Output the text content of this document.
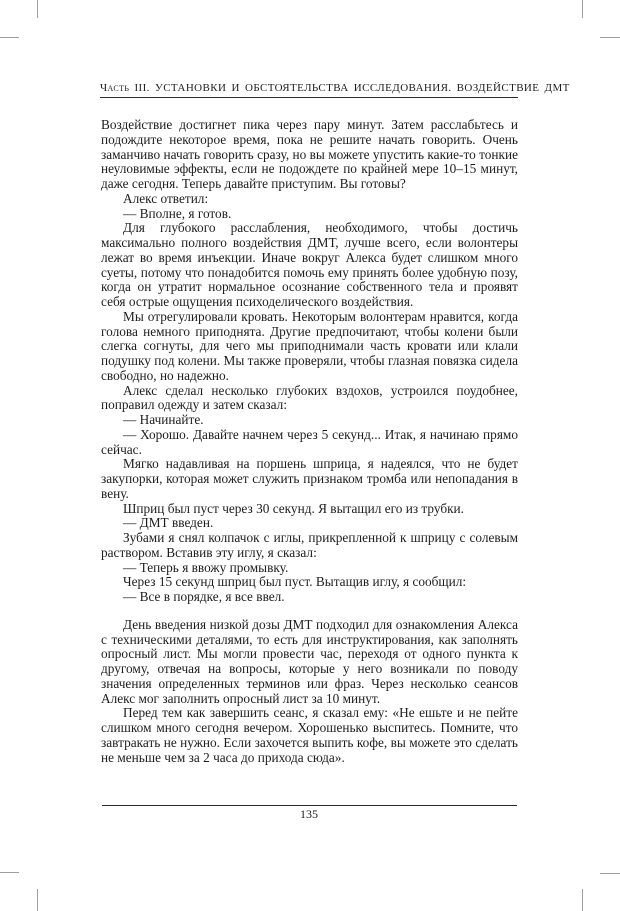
Часть III. УСТАНОВКИ И ОБСТОЯТЕЛЬСТВА ИССЛЕДОВАНИЯ. ВОЗДЕЙСТВИЕ ДМТ

Воздействие достигнет пика через пару минут. Затем расслабьтесь и подождите некоторое время, пока не решите начать говорить. Очень заманчиво начать говорить сразу, но вы можете упустить какие-то тонкие неуловимые эффекты, если не подождете по крайней мере 10–15 минут, даже сегодня. Теперь давайте приступим. Вы готовы?

Алекс ответил:

— Вполне, я готов.

Для глубокого расслабления, необходимого, чтобы достичь максимально полного воздействия ДМТ, лучше всего, если волонтеры лежат во время инъекции. Иначе вокруг Алекса будет слишком много суеты, потому что понадобится помочь ему принять более удобную позу, когда он утратит нормальное осознание собственного тела и проявят себя острые ощущения психоделического воздействия.

Мы отрегулировали кровать. Некоторым волонтерам нравится, когда голова немного приподнята. Другие предпочитают, чтобы колени были слегка согнуты, для чего мы приподнимали часть кровати или клали подушку под колени. Мы также проверяли, чтобы глазная повязка сидела свободно, но надежно.

Алекс сделал несколько глубоких вздохов, устроился поудобнее, поправил одежду и затем сказал:

— Начинайте.

— Хорошо. Давайте начнем через 5 секунд... Итак, я начинаю прямо сейчас.

Мягко надавливая на поршень шприца, я надеялся, что не будет закупорки, которая может служить признаком тромба или непопадания в вену.

Шприц был пуст через 30 секунд. Я вытащил его из трубки.

— ДМТ введен.

Зубами я снял колпачок с иглы, прикрепленной к шприцу с солевым раствором. Вставив эту иглу, я сказал:

— Теперь я ввожу промывку.

Через 15 секунд шприц был пуст. Вытащив иглу, я сообщил:

— Все в порядке, я все ввел.

День введения низкой дозы ДМТ подходил для ознакомления Алекса с техническими деталями, то есть для инструктирования, как заполнять опросный лист. Мы могли провести час, переходя от одного пункта к другому, отвечая на вопросы, которые у него возникали по поводу значения определенных терминов или фраз. Через несколько сеансов Алекс мог заполнить опросный лист за 10 минут.

Перед тем как завершить сеанс, я сказал ему: «Не ешьте и не пейте слишком много сегодня вечером. Хорошенько выспитесь. Помните, что завтракать не нужно. Если захочется выпить кофе, вы можете это сделать не меньше чем за 2 часа до прихода сюда».

135
